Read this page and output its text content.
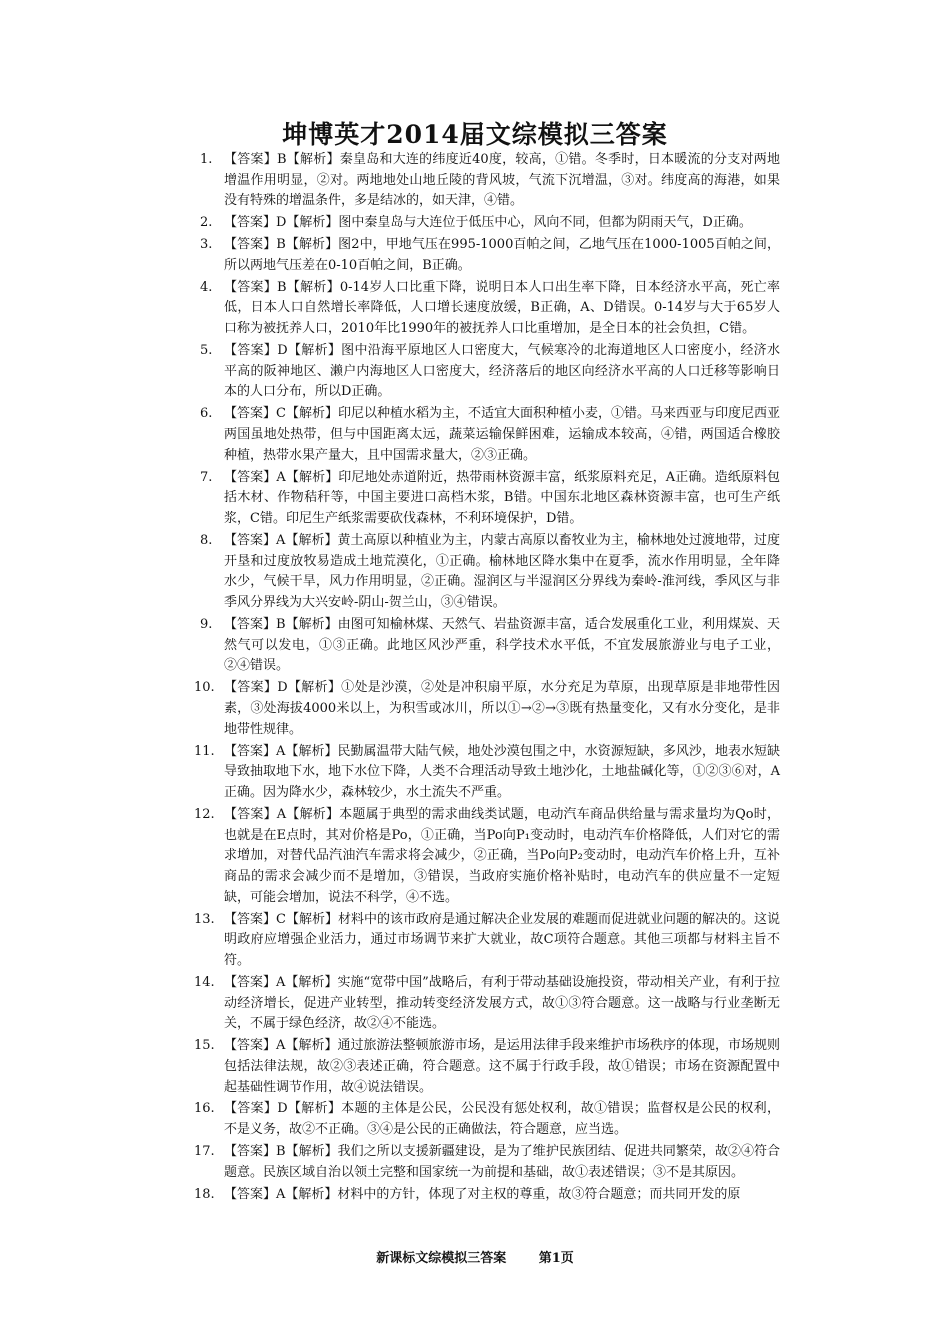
坤博英才2014届文综模拟三答案
1. 【答案】B【解析】秦皇岛和大连的纬度近40度，较高，①错。冬季时，日本暖流的分支对两地增温作用明显，②对。两地地处山地丘陵的背风坡，气流下沉增温，③对。纬度高的海港，如果没有特殊的增温条件，多是结冰的，如天津，④错。
2. 【答案】D【解析】图中秦皇岛与大连位于低压中心，风向不同，但都为阴雨天气，D正确。
3. 【答案】B【解析】图2中，甲地气压在995-1000百帕之间，乙地气压在1000-1005百帕之间，所以两地气压差在0-10百帕之间，B正确。
4. 【答案】B【解析】0-14岁人口比重下降，说明日本人口出生率下降，日本经济水平高，死亡率低，日本人口自然增长率降低，人口增长速度放缓，B正确，A、D错误。0-14岁与大于65岁人口称为被抚养人口，2010年比1990年的被抚养人口比重增加，是全日本的社会负担，C错。
5. 【答案】D【解析】图中沿海平原地区人口密度大，气候寒冷的北海道地区人口密度小，经济水平高的阪神地区、濑户内海地区人口密度大，经济落后的地区向经济水平高的人口迁移等影响日本的人口分布，所以D正确。
6. 【答案】C【解析】印尼以种植水稻为主，不适宜大面积种植小麦，①错。马来西亚与印度尼西亚两国虽地处热带，但与中国距离太远，蔬菜运输保鲜困难，运输成本较高，④错，两国适合橡胶种植，热带水果产量大，且中国需求量大，②③正确。
7. 【答案】A【解析】印尼地处赤道附近，热带雨林资源丰富，纸浆原料充足，A正确。造纸原料包括木材、作物秸秆等，中国主要进口高档木浆，B错。中国东北地区森林资源丰富，也可生产纸浆，C错。印尼生产纸浆需要砍伐森林，不利环境保护，D错。
8. 【答案】A【解析】黄土高原以种植业为主，内蒙古高原以畜牧业为主，榆林地处过渡地带，过度开垦和过度放牧易造成土地荒漠化，①正确。榆林地区降水集中在夏季，流水作用明显，全年降水少，气候干旱，风力作用明显，②正确。湿润区与半湿润区分界线为秦岭-淮河线，季风区与非季风分界线为大兴安岭-阴山-贺兰山，③④错误。
9. 【答案】B【解析】由图可知榆林煤、天然气、岩盐资源丰富，适合发展重化工业，利用煤炭、天然气可以发电，①③正确。此地区风沙严重，科学技术水平低，不宜发展旅游业与电子工业，②④错误。
10. 【答案】D【解析】①处是沙漠，②处是冲积扇平原，水分充足为草原，出现草原是非地带性因素，③处海拔4000米以上，为积雪或冰川，所以①→②→③既有热量变化，又有水分变化，是非地带性规律。
11. 【答案】A【解析】民勤属温带大陆气候，地处沙漠包围之中，水资源短缺，多风沙，地表水短缺导致抽取地下水，地下水位下降，人类不合理活动导致土地沙化，土地盐碱化等，①②③⑥对，A正确。因为降水少，森林较少，水土流失不严重。
12. 【答案】A【解析】本题属于典型的需求曲线类试题，电动汽车商品供给量与需求量均为Qo时，也就是在E点时，其对价格是Po，①正确，当Po向P₁变动时，电动汽车价格降低，人们对它的需求增加，对替代品汽油汽车需求将会减少，②正确，当Po向P₂变动时，电动汽车价格上升，互补商品的需求会减少而不是增加，③错误，当政府实施价格补贴时，电动汽车的供应量不一定短缺，可能会增加，说法不科学，④不选。
13. 【答案】C【解析】材料中的该市政府是通过解决企业发展的难题而促进就业问题的解决的。这说明政府应增强企业活力，通过市场调节来扩大就业，故C项符合题意。其他三项都与材料主旨不符。
14. 【答案】A【解析】实施“宽带中国”战略后，有利于带动基础设施投资，带动相关产业，有利于拉动经济增长，促进产业转型，推动转变经济发展方式，故①③符合题意。这一战略与行业垄断无关，不属于绿色经济，故②④不能选。
15. 【答案】A【解析】通过旅游法整顿旅游市场，是运用法律手段来维护市场秩序的体现，市场规则包括法律法规，故②③表述正确，符合题意。这不属于行政手段，故①错误；市场在资源配置中起基础性调节作用，故④说法错误。
16. 【答案】D【解析】本题的主体是公民，公民没有惩处权利，故①错误；监督权是公民的权利，不是义务，故②不正确。③④是公民的正确做法，符合题意，应当选。
17. 【答案】B【解析】我们之所以支援新疆建设，是为了维护民族团结、促进共同繁荣，故②④符合题意。民族区域自治以领土完整和国家统一为前提和基础，故①表述错误；③不是其原因。
18. 【答案】A【解析】材料中的方针，体现了对主权的尊重，故③符合题意；而共同开发的原
新课标文综模拟三答案	第1页
